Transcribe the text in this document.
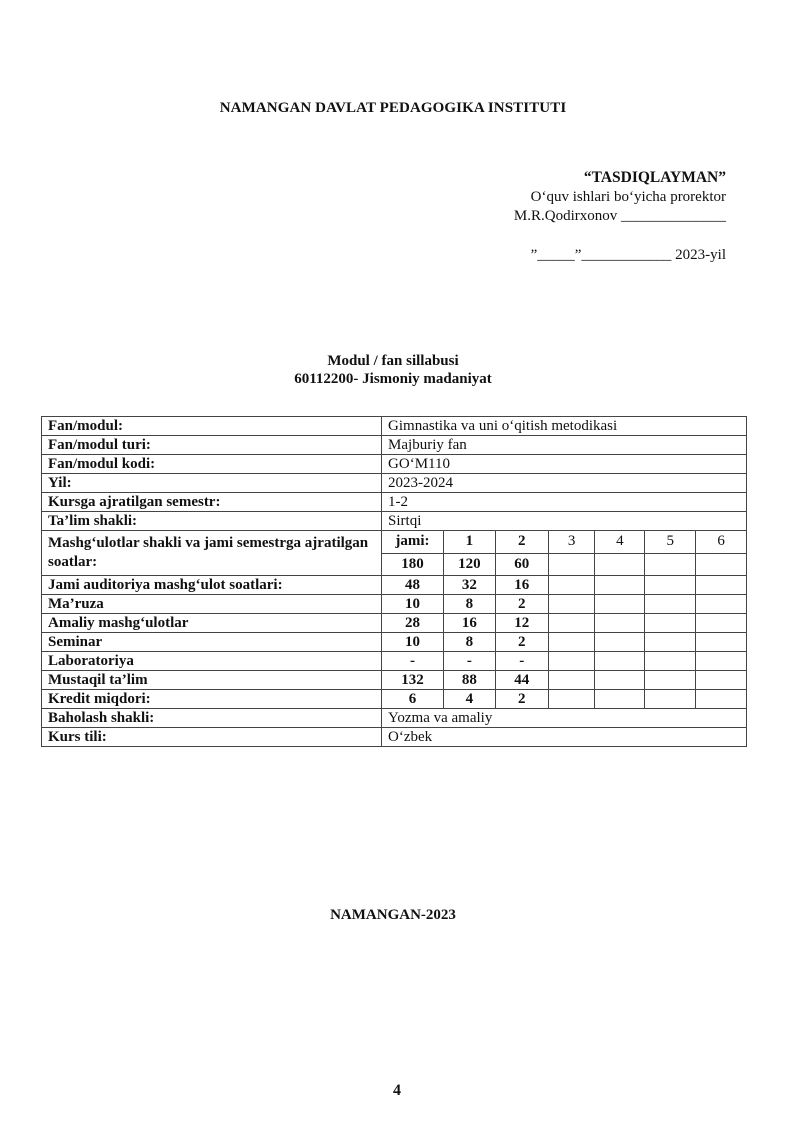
NAMANGAN DAVLAT PEDAGOGIKA INSTITUTI
“TASDIQLAYMAN”
O‘quv ishlari bo‘yicha prorektor
M.R.Qodirxonov ______________
”_____”____________ 2023-yil
Modul / fan sillabusi
60112200- Jismoniy madaniyat
Fan/modul:	Gimnastika va uni o‘qitish metodikasi						
Fan/modul turi:	Majburiy fan						
Fan/modul kodi:	GO‘M110						
Yil:	2023-2024						
Kursga ajratilgan semestr:	1-2						
Ta’lim shakli:	Sirtqi						
Mashg‘ulotlar shakli va jami semestrga ajratilgan soatlar:	jami:	1	2	3	4	5	6
	180	120	60				
Jami auditoriya mashg‘ulot soatlari:	48	32	16				
Ma’ruza	10	8	2				
Amaliy mashg‘ulotlar	28	16	12				
Seminar	10	8	2				
Laboratoriya	-	-	-				
Mustaqil ta’lim	132	88	44				
Kredit miqdori:	6	4	2				
Baholash shakli:	Yozma va amaliy						
Kurs tili:	O‘zbek						
NAMANGAN-2023
4
